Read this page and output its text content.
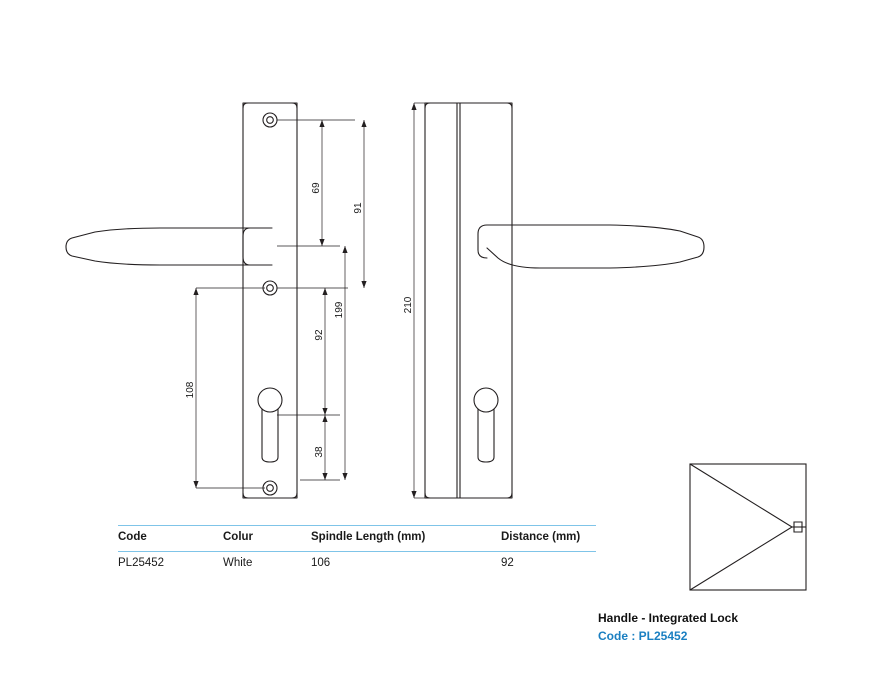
69
91
199
92
38
108
210
Code	Colur	Spindle Length (mm)	Distance (mm)
PL25452	White	106	92
Handle - Integrated Lock
Code : PL25452
